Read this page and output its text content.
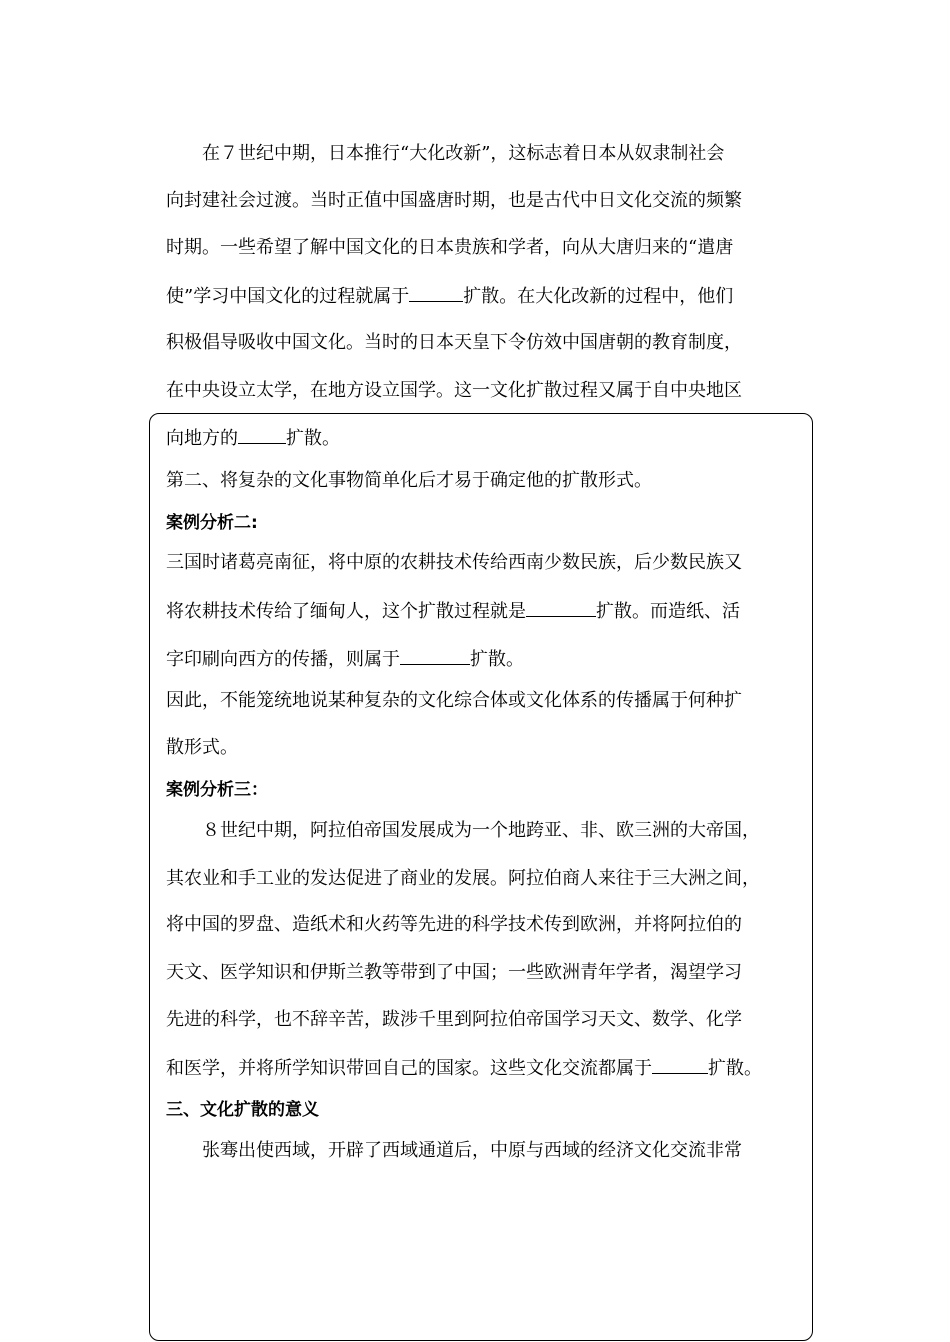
在７世纪中期，日本推行“大化改新”，这标志着日本从奴隶制社会
向封建社会过渡。当时正值中国盛唐时期，也是古代中日文化交流的频繁
时期。一些希望了解中国文化的日本贵族和学者，向从大唐归来的“遣唐
使”学习中国文化的过程就属于	扩散。在大化改新的过程中，他们
积极倡导吸收中国文化。当时的日本天皇下令仿效中国唐朝的教育制度，
在中央设立太学，在地方设立国学。这一文化扩散过程又属于自中央地区
向地方的	扩散。
第二、将复杂的文化事物简单化后才易于确定他的扩散形式。
案例分析二:
三国时诸葛亮南征，将中原的农耕技术传给西南少数民族，后少数民族又
将农耕技术传给了缅甸人，这个扩散过程就是	扩散。而造纸、活
字印刷向西方的传播，则属于	扩散。
因此，不能笼统地说某种复杂的文化综合体或文化体系的传播属于何种扩
散形式。
案例分析三：
８世纪中期，阿拉伯帝国发展成为一个地跨亚、非、欧三洲的大帝国，
其农业和手工业的发达促进了商业的发展。阿拉伯商人来往于三大洲之间，
将中国的罗盘、造纸术和火药等先进的科学技术传到欧洲，并将阿拉伯的
天文、医学知识和伊斯兰教等带到了中国；一些欧洲青年学者，渴望学习
先进的科学，也不辞辛苦，跋涉千里到阿拉伯帝国学习天文、数学、化学
和医学，并将所学知识带回自己的国家。这些文化交流都属于	扩散。
三、文化扩散的意义
张骞出使西域，开辟了西域通道后，中原与西域的经济文化交流非常
